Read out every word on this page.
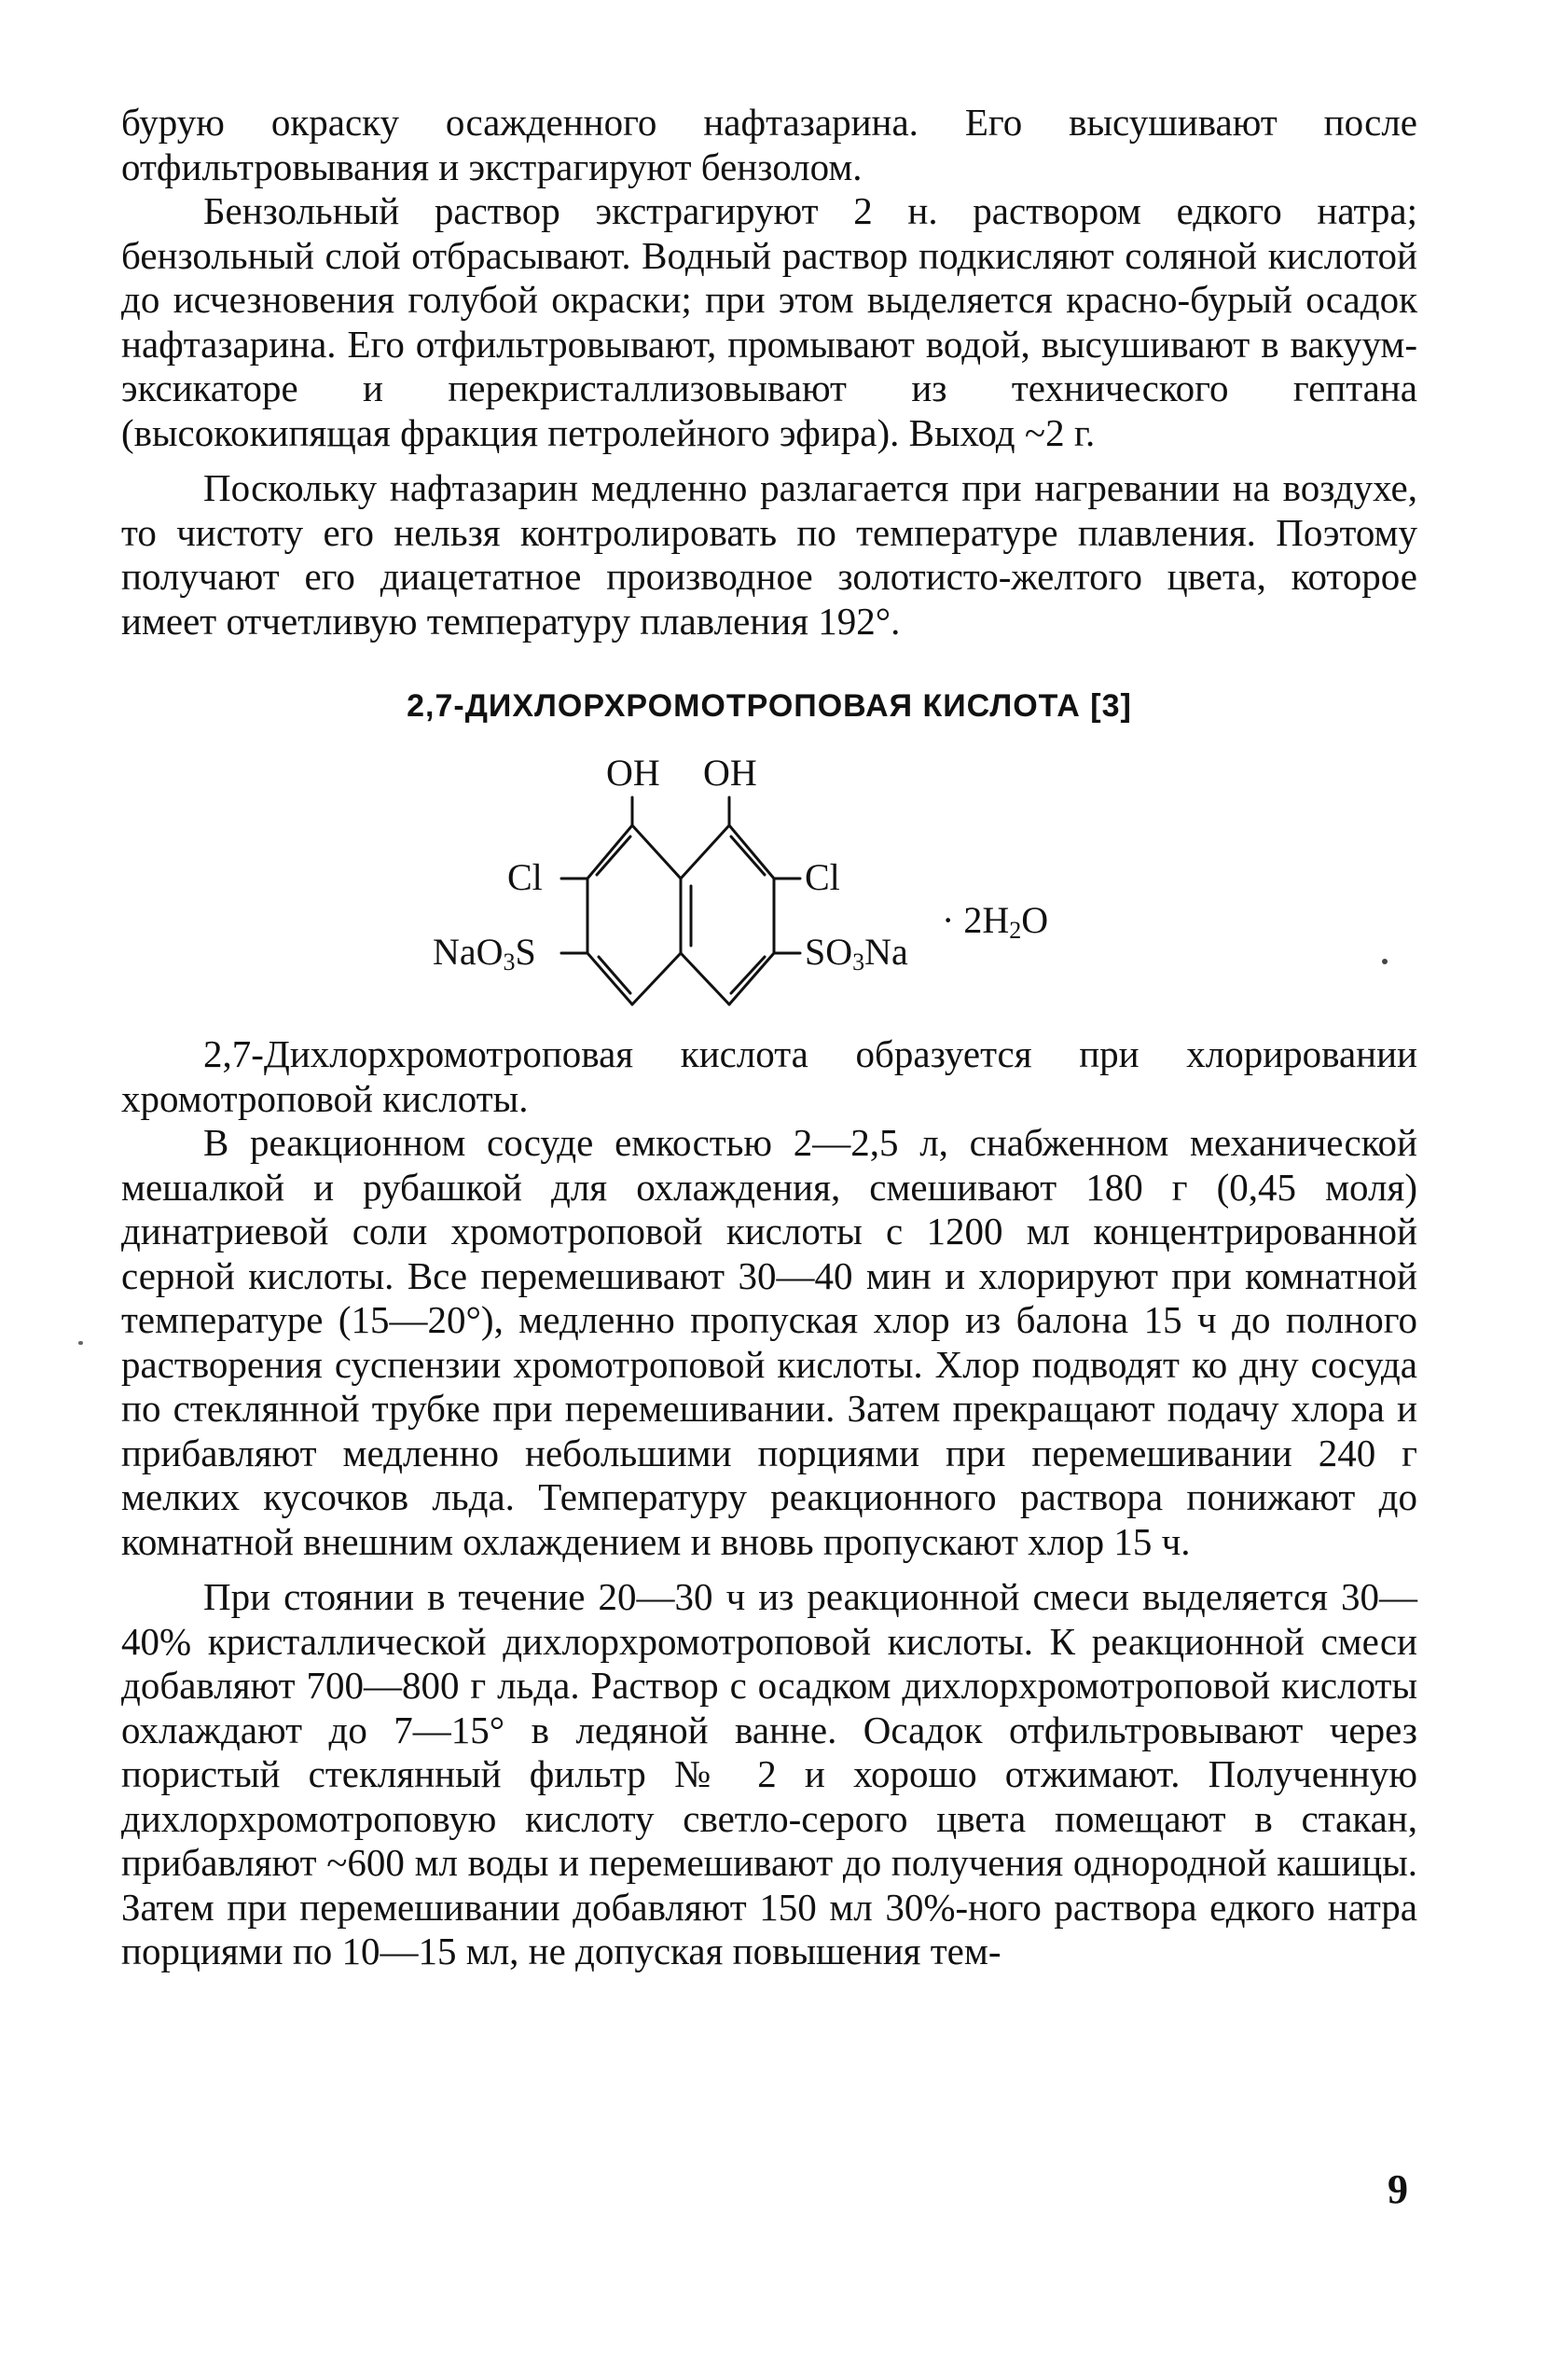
бурую окраску осажденного нафтазарина. Его высушивают после отфильтровывания и экстрагируют бензолом.

Бензольный раствор экстрагируют 2 н. раствором едкого натра; бензольный слой отбрасывают. Водный раствор подкисляют соляной кислотой до исчезновения голубой окраски; при этом выделяется красно-бурый осадок нафтазарина. Его отфильтровывают, промывают водой, высушивают в вакуум-эксикаторе и перекристаллизовывают из технического гептана (высококипящая фракция петролейного эфира). Выход ~2 г.

Поскольку нафтазарин медленно разлагается при нагревании на воздухе, то чистоту его нельзя контролировать по температуре плавления. Поэтому получают его диацетатное производное золотисто-желтого цвета, которое имеет отчетливую температуру плавления 192°.

2,7-ДИХЛОРХРОМОТРОПОВАЯ КИСЛОТА [3]
OH OH
Cl	Cl
NaO$_3$S	$SO_3Na$
· $2H_2O$

2,7-Дихлорхромотроповая кислота образуется при хлорировании хромотроповой кислоты.

В реакционном сосуде емкостью 2—2,5 л, снабженном механической мешалкой и рубашкой для охлаждения, смешивают 180 г (0,45 моля) динатриевой соли хромотроповой кислоты с 1200 мл концентрированной серной кислоты. Все перемешивают 30—40 мин и хлорируют при комнатной температуре (15—20°), медленно пропуская хлор из балона 15 ч до полного растворения суспензии хромотроповой кислоты. Хлор подводят ко дну сосуда по стеклянной трубке при перемешивании. Затем прекращают подачу хлора и прибавляют медленно небольшими порциями при перемешивании 240 г мелких кусочков льда. Температуру реакционного раствора понижают до комнатной внешним охлаждением и вновь пропускают хлор 15 ч.

При стоянии в течение 20—30 ч из реакционной смеси выделяется 30—40% кристаллической дихлорхромотроповой кислоты. К реакционной смеси добавляют 700—800 г льда. Раствор с осадком дихлорхромотроповой кислоты охлаждают до 7—15° в ледяной ванне. Осадок отфильтровывают через пористый стеклянный фильтр № 2 и хорошо отжимают. Полученную дихлорхромотроповую кислоту светло-серого цвета помещают в стакан, прибавляют ~600 мл воды и перемешивают до получения однородной кашицы. Затем при перемешивании добавляют 150 мл 30%-ного раствора едкого натра порциями по 10—15 мл, не допуская повышения тем-

9
